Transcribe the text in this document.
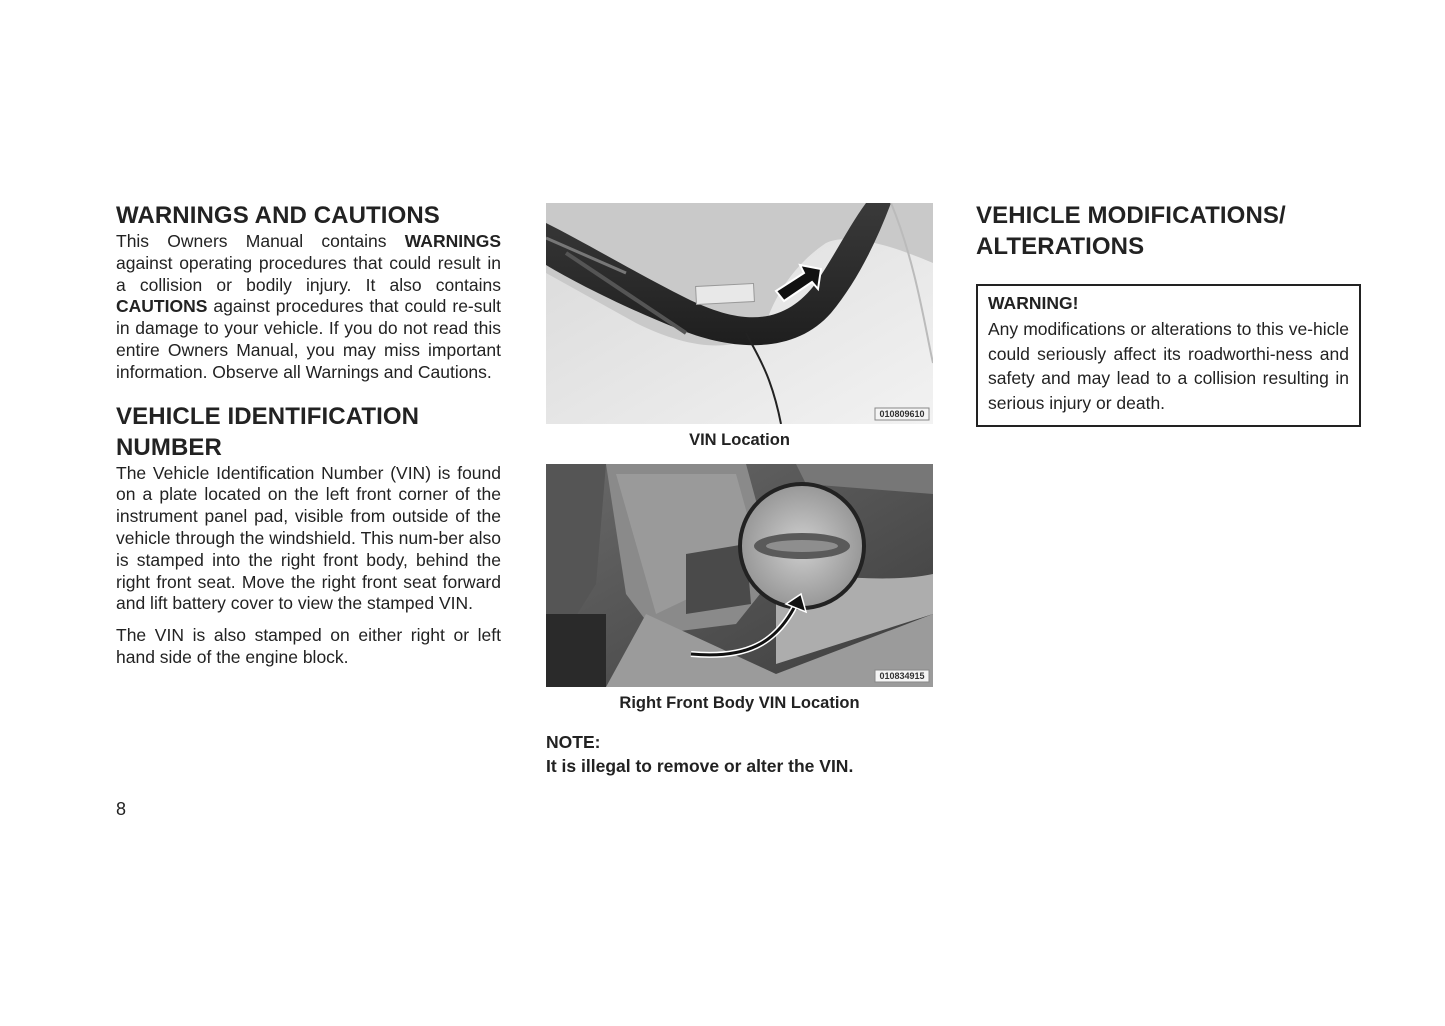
WARNINGS AND CAUTIONS

This Owners Manual contains WARNINGS against operating procedures that could result in a collision or bodily injury. It also contains CAUTIONS against procedures that could re-sult in damage to your vehicle. If you do not read this entire Owners Manual, you may miss important information. Observe all Warnings and Cautions.

VEHICLE IDENTIFICATION NUMBER

The Vehicle Identification Number (VIN) is found on a plate located on the left front corner of the instrument panel pad, visible from outside of the vehicle through the windshield. This num-ber also is stamped into the right front body, behind the right front seat. Move the right front seat forward and lift battery cover to view the stamped VIN.

The VIN is also stamped on either right or left hand side of the engine block.

010809610
VIN Location
010834915
Right Front Body VIN Location
NOTE:
It is illegal to remove or alter the VIN.
VEHICLE MODIFICATIONS/ ALTERATIONS
WARNING!

Any modifications or alterations to this ve-hicle could seriously affect its roadworthi-ness and safety and may lead to a collision resulting in serious injury or death.

8
